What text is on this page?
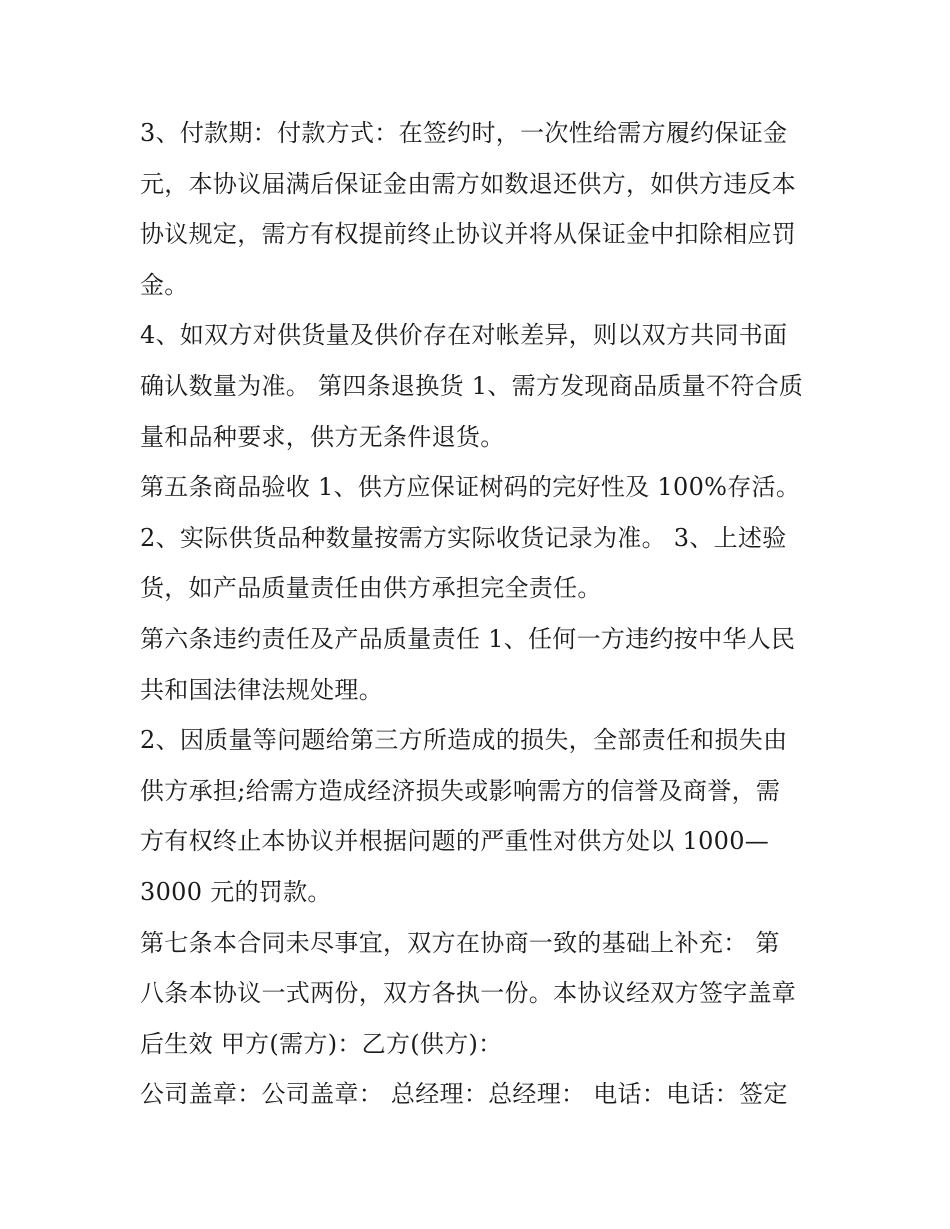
3、付款期：付款方式：在签约时，一次性给需方履约保证金
元，本协议届满后保证金由需方如数退还供方，如供方违反本
协议规定，需方有权提前终止协议并将从保证金中扣除相应罚
金。
4、如双方对供货量及供价存在对帐差异，则以双方共同书面
确认数量为准。 第四条退换货 1、需方发现商品质量不符合质
量和品种要求，供方无条件退货。
第五条商品验收 1、供方应保证树码的完好性及 100%存活。
2、实际供货品种数量按需方实际收货记录为准。 3、上述验
货，如产品质量责任由供方承担完全责任。
第六条违约责任及产品质量责任 1、任何一方违约按中华人民
共和国法律法规处理。
2、因质量等问题给第三方所造成的损失，全部责任和损失由
供方承担;给需方造成经济损失或影响需方的信誉及商誉，需
方有权终止本协议并根据问题的严重性对供方处以 1000—
3000 元的罚款。
第七条本合同未尽事宜，双方在协商一致的基础上补充： 第
八条本协议一式两份，双方各执一份。本协议经双方签字盖章
后生效 甲方(需方)：乙方(供方)：
公司盖章：公司盖章： 总经理：总经理： 电话：电话：签定
